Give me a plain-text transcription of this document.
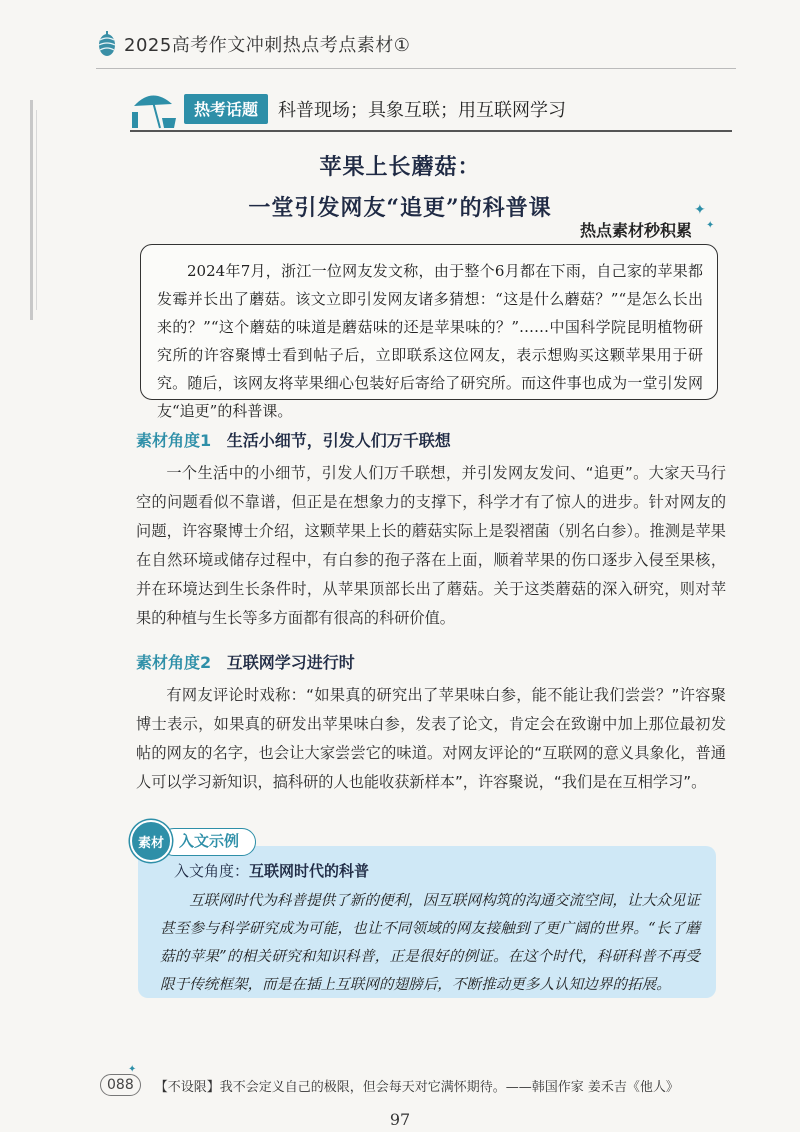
2025高考作文冲刺热点考点素材①
热考话题	科普现场；具象互联；用互联网学习
苹果上长蘑菇：
一堂引发网友“追更”的科普课	✦
✦
热点素材秒积累

2024年7月，浙江一位网友发文称，由于整个6月都在下雨，自己家的苹果都发霉并长出了蘑菇。该文立即引发网友诸多猜想：“这是什么蘑菇？”“是怎么长出来的？”“这个蘑菇的味道是蘑菇味的还是苹果味的？”……中国科学院昆明植物研究所的许容聚博士看到帖子后，立即联系这位网友，表示想购买这颗苹果用于研究。随后，该网友将苹果细心包装好后寄给了研究所。而这件事也成为一堂引发网友“追更”的科普课。

素材角度1 生活小细节，引发人们万千联想
一个生活中的小细节，引发人们万千联想，并引发网友发问、“追更”。大家天马行空的问题看似不靠谱，但正是在想象力的支撑下，科学才有了惊人的进步。针对网友的问题，许容聚博士介绍，这颗苹果上长的蘑菇实际上是裂褶菌（别名白参）。推测是苹果在自然环境或储存过程中，有白参的孢子落在上面，顺着苹果的伤口逐步入侵至果核，并在环境达到生长条件时，从苹果顶部长出了蘑菇。关于这类蘑菇的深入研究，则对苹果的种植与生长等多方面都有很高的科研价值。
素材角度2 互联网学习进行时
有网友评论时戏称：“如果真的研究出了苹果味白参，能不能让我们尝尝？”许容聚博士表示，如果真的研发出苹果味白参，发表了论文，肯定会在致谢中加上那位最初发帖的网友的名字，也会让大家尝尝它的味道。对网友评论的“互联网的意义具象化，普通人可以学习新知识，搞科研的人也能收获新样本”，许容聚说，“我们是在互相学习”。
入文角度：互联网时代的科普
互联网时代为科普提供了新的便利，因互联网构筑的沟通交流空间，让大众见证甚至参与科学研究成为可能，也让不同领域的网友接触到了更广阔的世界。“长了蘑菇的苹果”的相关研究和知识科普，正是很好的例证。在这个时代，科研科普不再受限于传统框架，而是在插上互联网的翅膀后，不断推动更多人认知边界的拓展。
入文示例
素材
088	【不设限】我不会定义自己的极限，但会每天对它满怀期待。——韩国作家 姜禾吉《他人》
✦
97
